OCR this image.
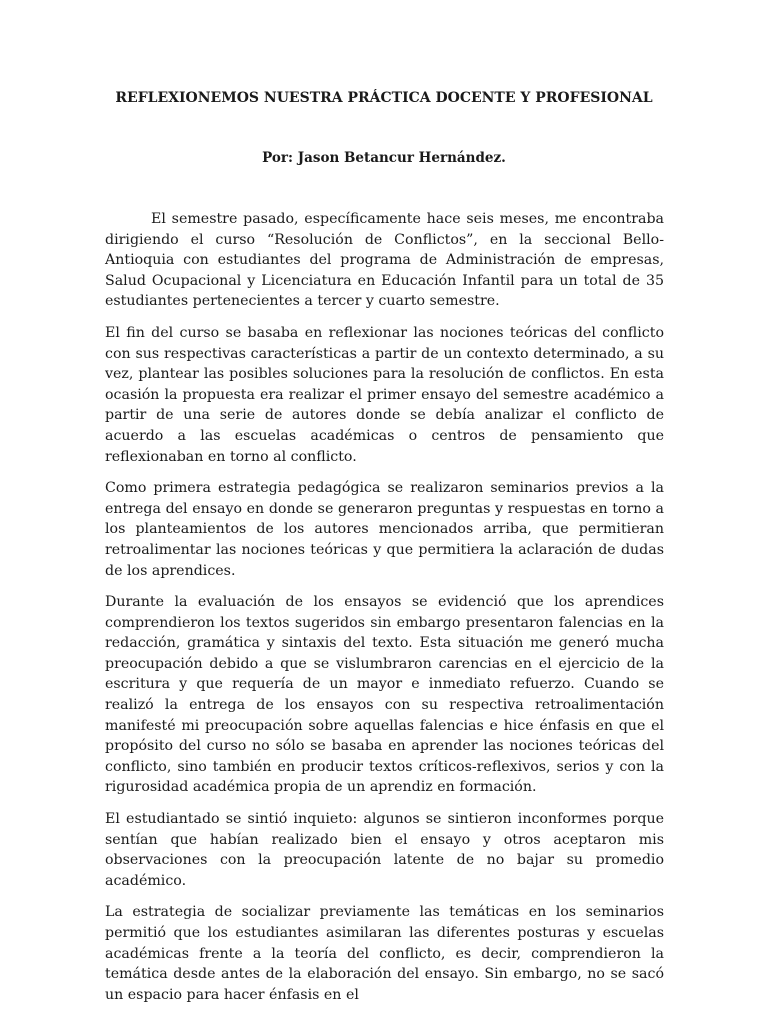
REFLEXIONEMOS NUESTRA PRÁCTICA DOCENTE Y PROFESIONAL

Por: Jason Betancur Hernández.

El semestre pasado, específicamente hace seis meses, me encontraba dirigiendo el curso “Resolución de Conflictos”, en la seccional Bello- Antioquia con estudiantes del programa de Administración de empresas, Salud Ocupacional y Licenciatura en Educación Infantil para un total de 35 estudiantes pertenecientes a tercer y cuarto semestre.

El fin del curso se basaba en reflexionar las nociones teóricas del conflicto con sus respectivas características a partir de un contexto determinado, a su vez, plantear las posibles soluciones para la resolución de conflictos. En esta ocasión la propuesta era realizar el primer ensayo del semestre académico a partir de una serie de autores donde se debía analizar el conflicto de acuerdo a las escuelas académicas o centros de pensamiento que reflexionaban en torno al conflicto.

Como primera estrategia pedagógica se realizaron seminarios previos a la entrega del ensayo en donde se generaron preguntas y respuestas en torno a los planteamientos de los autores mencionados arriba, que permitieran retroalimentar las nociones teóricas y que permitiera la aclaración de dudas de los aprendices.

Durante la evaluación de los ensayos se evidenció que los aprendices comprendieron los textos sugeridos sin embargo presentaron falencias en la redacción, gramática y sintaxis del texto. Esta situación me generó mucha preocupación debido a que se vislumbraron carencias en el ejercicio de la escritura y que requería de un mayor e inmediato refuerzo. Cuando se realizó la entrega de los ensayos con su respectiva retroalimentación manifesté mi preocupación sobre aquellas falencias e hice énfasis en que el propósito del curso no sólo se basaba en aprender las nociones teóricas del conflicto, sino también en producir textos críticos-reflexivos, serios y con la rigurosidad académica propia de un aprendiz en formación.

El estudiantado se sintió inquieto: algunos se sintieron inconformes porque sentían que habían realizado bien el ensayo y otros aceptaron mis observaciones con la preocupación latente de no bajar su promedio académico.

La estrategia de socializar previamente las temáticas en los seminarios permitió que los estudiantes asimilaran las diferentes posturas y escuelas académicas frente a la teoría del conflicto, es decir, comprendieron la temática desde antes de la elaboración del ensayo. Sin embargo, no se sacó un espacio para hacer énfasis en el
